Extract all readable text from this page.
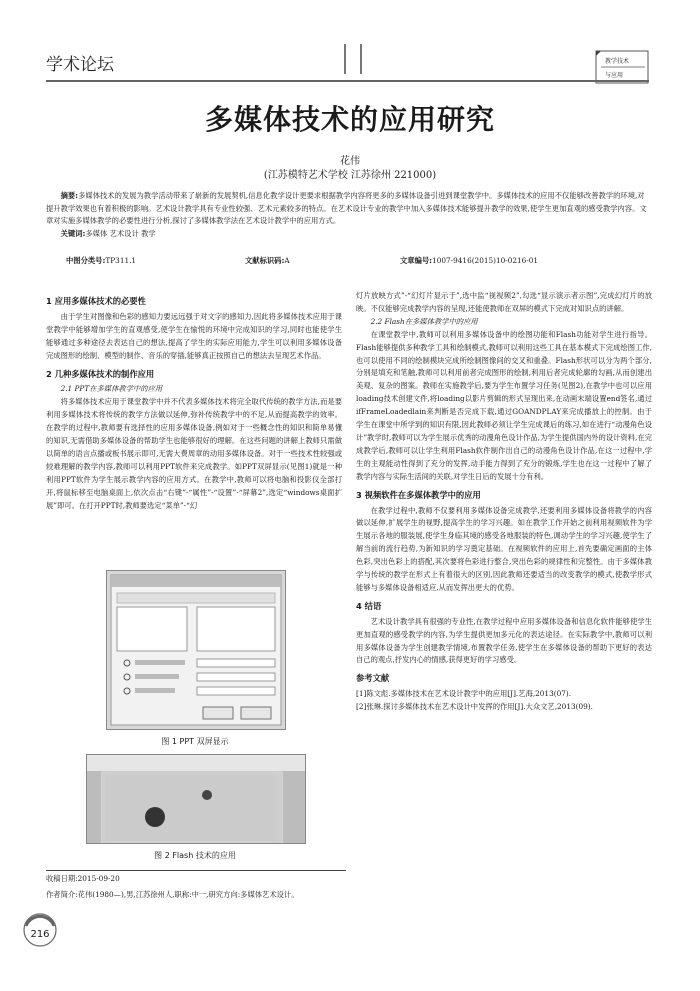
学术论坛	教学技术
与应用
多媒体技术的应用研究
花伟
(江苏模特艺术学校 江苏徐州 221000)
  摘要:多媒体技术的发展为教学活动带来了崭新的发展契机,信息化教学设计更要求根据教学内容将更多的多媒体设备引进到课堂教学中。多媒体技术的应用不仅能够改善教学的环境,对提升教学效果也有着积极的影响。艺术设计教学具有专业性较强、艺术元素较多的特点。在艺术设计专业的教学中加入多媒体技术能够提升教学的效果,使学生更加直观的感受教学内容。文章对实施多媒体教学的必要性进行分析,探讨了多媒体教学法在艺术设计教学中的应用方式。
  关键词:多媒体 艺术设计 教学
中图分类号:TP311.1	文献标识码:A	文章编号:1007-9416(2015)10-0216-01

1 应用多媒体技术的必要性

由于学生对图像和色彩的感知力要远远强于对文字的感知力,因此将多媒体技术应用于课堂教学中能够增加学生的直观感受,使学生在愉悦的环境中完成知识的学习,同时也能使学生能够通过多种途径去表达自己的想法,提高了学生的实际应用能力,学生可以利用多媒体设备完成图形的绘制、模型的制作、音乐的穿插,能够真正按照自己的想法去呈现艺术作品。

2 几种多媒体技术的制作应用

2.1 PPT在多媒体教学中的应用

将多媒体技术应用于课堂教学中并不代表多媒体技术将完全取代传统的教学方法,而是要利用多媒体技术将传统的教学方法做以延伸,弥补传统教学中的不足,从而提高教学的效率。在教学的过程中,教师要有选择性的应用多媒体设备,例如对于一些概念性的知识和简单易懂的知识,无需借助多媒体设备的帮助学生也能够很好的理解。在这些问题的讲解上教师只需做以简单的语言点播或板书展示即可,无需大费周章的动用多媒体设备。对于一些技术性较强或较难理解的教学内容,教师可以利用PPT软件来完成教学。如PPT双屏显示(见图1)就是一种利用PPT软件为学生展示教学内容的应用方式。在教学中,教师可以将电脑和投影仪全部打开,将鼠标移至电脑桌面上,依次点击“右键”-“属性”-“设置”-“屏幕2”,选定“windows桌面扩展”即可。在打开PPT时,教师要选定“菜单”-“幻

图 1 PPT 双屏显示
图 2 Flash 技术的应用

灯片放映方式”-“幻灯片显示于”,选中监“视视频2”,勾选“显示演示者示图”,完成幻灯片的放映。不仅能够完成教学内容的呈现,还能使教师在双屏的模式下完成对知识点的讲解。

2.2 Flash在多媒体教学中的应用

在课堂教学中,教师可以利用多媒体设备中的绘图功能和Flash功能对学生进行指导。Flash能够提供多种教学工具和绘制模式,教师可以利用这些工具在基本模式下完成绘图工作,也可以使用不同的绘制模块完成所绘制图像间的交叉和重叠。Flash形状可以分为两个部分,分别是填充和笔触,教师可以利用前者完成图形的绘制,利用后者完成轮廓的勾画,从而创建出美观、复杂的图案。教师在实施教学后,要为学生布置学习任务(见图2),在教学中也可以应用loading技术创建文件,将loading以影片剪辑的形式呈现出来,在动画末端设置end签名,通过ifFrameLoadedlain来判断是否完成下载,通过GOANDPLAY来完成播放上的控制。由于学生在课堂中所学到的知识有限,因此教师必须让学生完成课后的练习,如在进行“动漫角色设计”教学时,教师可以为学生展示优秀的动漫角色设计作品,为学生提供国内外的设计资料,在完成教学后,教师可以让学生利用Flash软件制作出自己的动漫角色设计作品,在这一过程中,学生的主观能动性得到了充分的发挥,动手能力得到了充分的锻炼,学生也在这一过程中了解了教学内容与实际生活间的关联,对学生日后的发展十分有利。

3 视频软件在多媒体教学中的应用

在教学过程中,教师不仅要利用多媒体设备完成教学,还要利用多媒体设备将教学的内容做以延伸,扩展学生的视野,提高学生的学习兴趣。如在教学工作开始之前利用视频软件为学生展示各地的服装展,使学生身临其境的感受各地服装的特色,调动学生的学习兴趣,使学生了解当前的流行趋势,为新知识的学习奠定基础。在视频软件的应用上,首先要确定画面的主体色彩,突出色彩上的搭配,其次要将色彩进行整合,突出色彩的规律性和完整性。由于多媒体教学与传统的教学在形式上有着很大的区别,因此教师还要适当的改变教学的模式,使教学形式能够与多媒体设备相适应,从而发挥出更大的优势。

4 结语

艺术设计教学具有很强的专业性,在教学过程中应用多媒体设备和信息化软件能够使学生更加直观的感受教学的内容,为学生提供更加多元化的表达途径。在实际教学中,教师可以利用多媒体设备为学生创建教学情境,布置教学任务,使学生在多媒体设备的帮助下更好的表达自己的观点,抒发内心的情感,获得更好的学习感受。

参考文献

[1]陈文彪.多媒体技术在艺术设计教学中的应用[J].艺海,2013(07).

[2]张琳.探讨多媒体技术在艺术设计中发挥的作用[J].大众文艺,2013(09).

收稿日期:2015-09-20
作者简介:花伟(1980—),男,江苏徐州人,职称:中一,研究方向:多媒体艺术设计。
216
